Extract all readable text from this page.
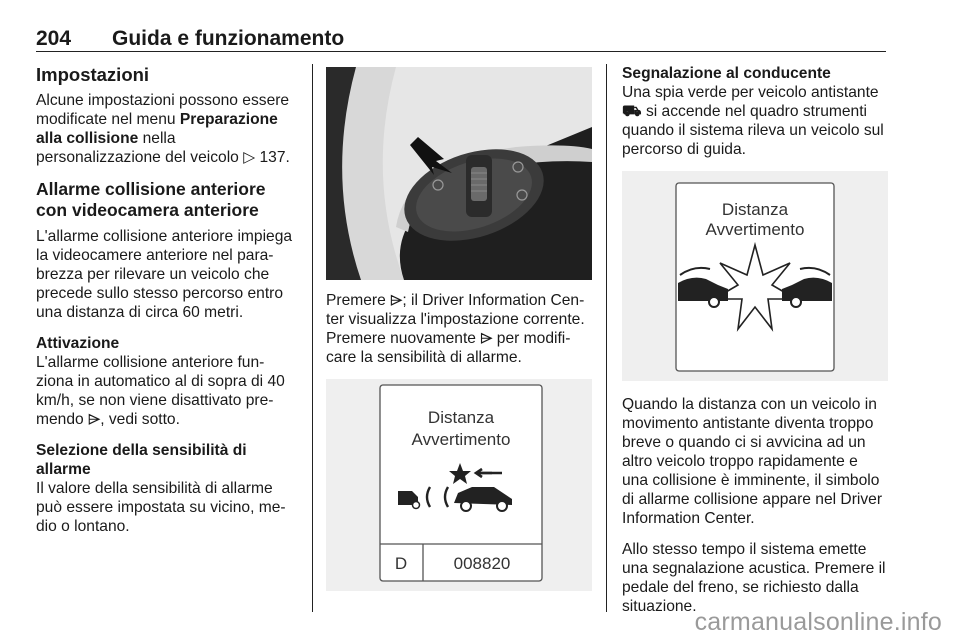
204 Guida e funzionamento
Impostazioni

Alcune impostazioni possono essere modificate nel menu Preparazione alla collisione nella personalizzazione del veicolo ▷ 137.

Allarme collisione anteriore con videocamera anteriore

L'allarme collisione anteriore impiega la videocamere anteriore nel para-brezza per rilevare un veicolo che precede sullo stesso percorso entro una distanza di circa 60 metri.

Attivazione

L'allarme collisione anteriore fun-ziona in automatico al di sopra di 40 km/h, se non viene disattivato pre-mendo ⌲, vedi sotto.

Selezione della sensibilità di allarme

Il valore della sensibilità di allarme può essere impostata su vicino, me-dio o lontano.

Premere ⌲; il Driver Information Cen-ter visualizza l'impostazione corrente. Premere nuovamente ⌲ per modifi-care la sensibilità di allarme.

Distanza
Avvertimento
D	008820
Segnalazione al conducente

Una spia verde per veicolo antistante ⛟ si accende nel quadro strumenti quando il sistema rileva un veicolo sul percorso di guida.

Distanza
Avvertimento

Quando la distanza con un veicolo in movimento antistante diventa troppo breve o quando ci si avvicina ad un altro veicolo troppo rapidamente e una collisione è imminente, il simbolo di allarme collisione appare nel Driver Information Center.

Allo stesso tempo il sistema emette una segnalazione acustica. Premere il pedale del freno, se richiesto dalla situazione.

carmanualsonline.info
